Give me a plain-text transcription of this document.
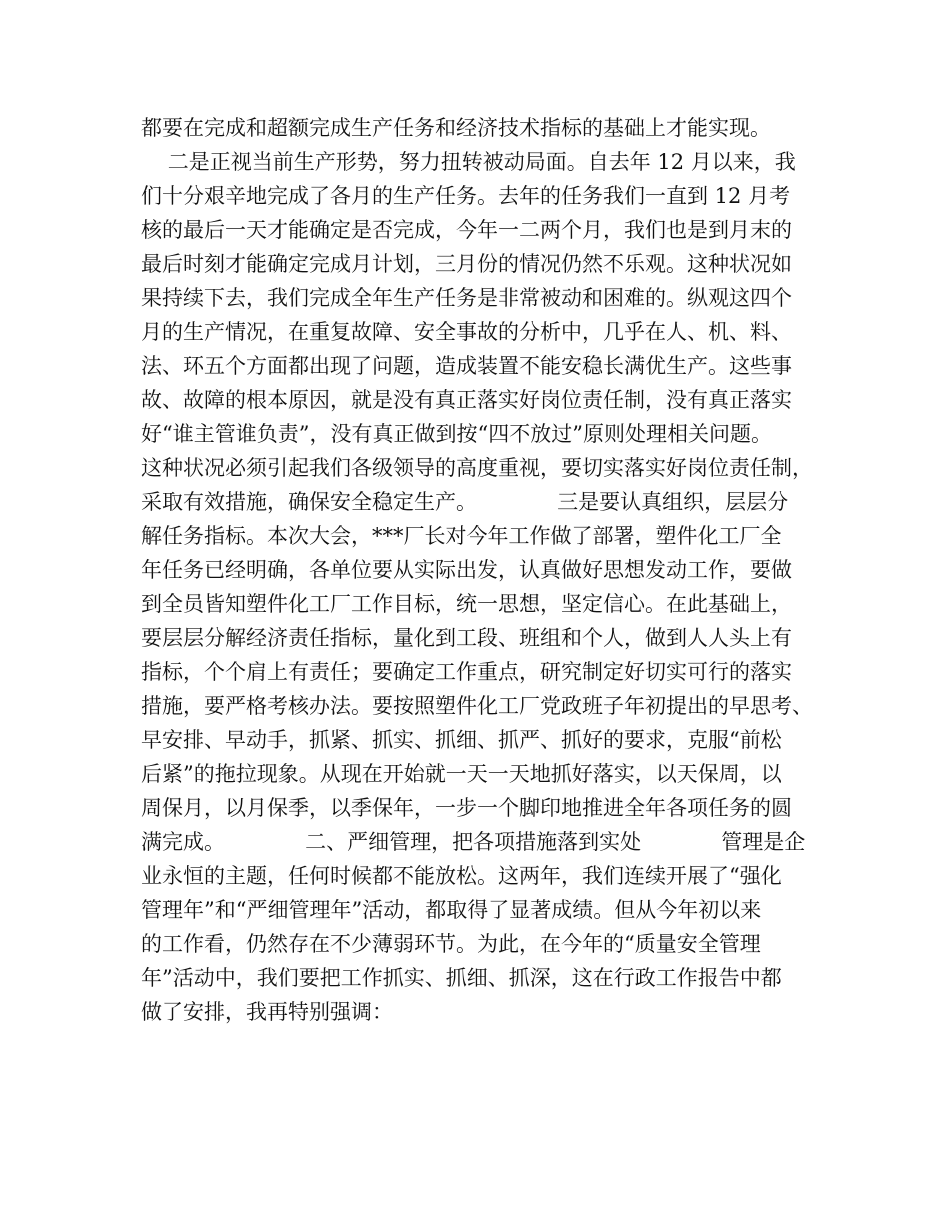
都要在完成和超额完成生产任务和经济技术指标的基础上才能实现。
二是正视当前生产形势，努力扭转被动局面。自去年 12 月以来，我
们十分艰辛地完成了各月的生产任务。去年的任务我们一直到 12 月考
核的最后一天才能确定是否完成，今年一二两个月，我们也是到月末的
最后时刻才能确定完成月计划，三月份的情况仍然不乐观。这种状况如
果持续下去，我们完成全年生产任务是非常被动和困难的。纵观这四个
月的生产情况，在重复故障、安全事故的分析中，几乎在人、机、料、
法、环五个方面都出现了问题，造成装置不能安稳长满优生产。这些事
故、故障的根本原因，就是没有真正落实好岗位责任制，没有真正落实
好“谁主管谁负责”，没有真正做到按“四不放过”原则处理相关问题。
这种状况必须引起我们各级领导的高度重视，要切实落实好岗位责任制，
采取有效措施，确保安全稳定生产。            三是要认真组织，层层分
解任务指标。本次大会，***厂长对今年工作做了部署，塑件化工厂全
年任务已经明确，各单位要从实际出发，认真做好思想发动工作，要做
到全员皆知塑件化工厂工作目标，统一思想，坚定信心。在此基础上，
要层层分解经济责任指标，量化到工段、班组和个人，做到人人头上有
指标，个个肩上有责任；要确定工作重点，研究制定好切实可行的落实
措施，要严格考核办法。要按照塑件化工厂党政班子年初提出的早思考、
早安排、早动手，抓紧、抓实、抓细、抓严、抓好的要求，克服“前松
后紧”的拖拉现象。从现在开始就一天一天地抓好落实，以天保周，以
周保月，以月保季，以季保年，一步一个脚印地推进全年各项任务的圆
满完成。            二、严细管理，把各项措施落到实处            管理是企
业永恒的主题，任何时候都不能放松。这两年，我们连续开展了“强化
管理年”和“严细管理年”活动，都取得了显著成绩。但从今年初以来
的工作看，仍然存在不少薄弱环节。为此，在今年的“质量安全管理
年”活动中，我们要把工作抓实、抓细、抓深，这在行政工作报告中都
做了安排，我再特别强调：
